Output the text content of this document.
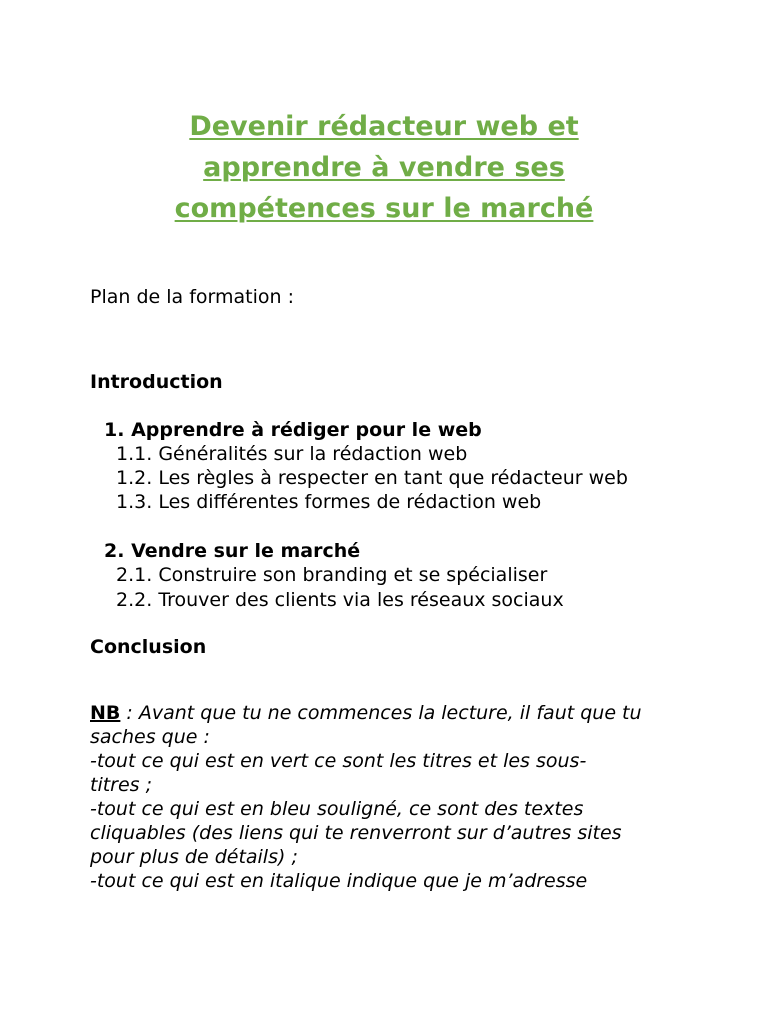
Devenir rédacteur web et
apprendre à vendre ses
compétences sur le marché
Plan de la formation :
Introduction
1. Apprendre à rédiger pour le web
1.1. Généralités sur la rédaction web
1.2. Les règles à respecter en tant que rédacteur web
1.3. Les différentes formes de rédaction web
2. Vendre sur le marché
2.1. Construire son branding et se spécialiser
2.2. Trouver des clients via les réseaux sociaux
Conclusion
NB : Avant que tu ne commences la lecture, il faut que tu
saches que :
-tout ce qui est en vert ce sont les titres et les sous-
titres ;
-tout ce qui est en bleu souligné, ce sont des textes
cliquables (des liens qui te renverront sur d’autres sites
pour plus de détails) ;
-tout ce qui est en italique indique que je m’adresse
